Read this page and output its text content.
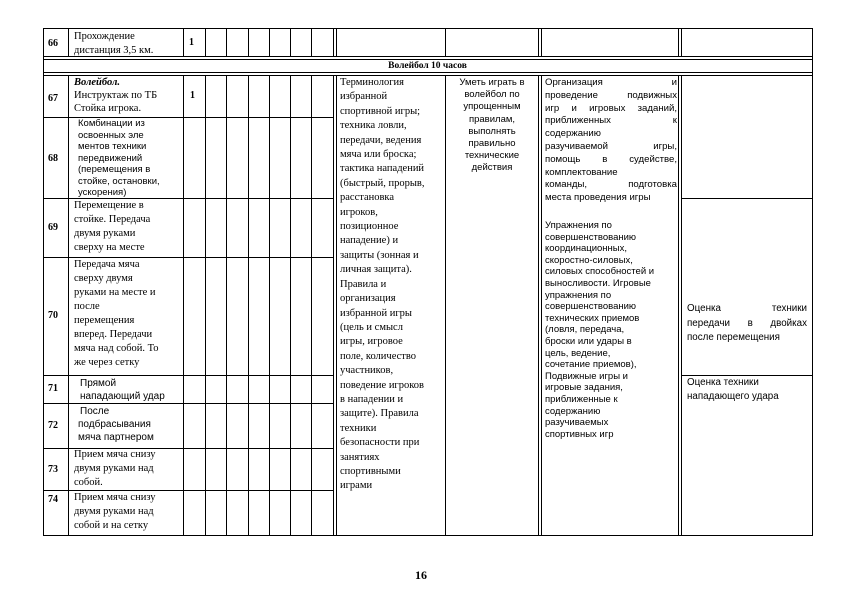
66
Прохождение дистанция 3,5 км.
1
Волейбол 10 часов
67
Волейбол.
Инструктаж по ТБ
Стойка игрока.
1
68
Комбинации из
освоенных эле
ментов техники
передвижений
(перемещения в
стойке, остановки,
ускорения)
69
Перемещение в
стойке. Передача
двумя руками
сверху на месте
70
Передача мяча
сверху двумя
руками на месте и
после
перемещения
вперед. Передачи
мяча над собой. То
же через сетку
71 Прямой
нападающий удар
72
После
подбрасывания
мяча партнером
73
Прием мяча снизу
двумя руками над
собой.
74 Прием мяча снизу
двумя руками над
собой и на сетку
Терминология
избранной
спортивной игры;
техника ловли,
передачи, ведения
мяча или броска;
тактика нападений
(быстрый, прорыв,
расстановка
игроков,
позиционное
нападение) и
защиты (зонная и
личная защита).
Правила и
организация
избранной игры
(цель и смысл
игры, игровое
поле, количество
участников,
поведение игроков
в нападении и
защите). Правила
техники
безопасности при
занятиях
спортивными
играми
Уметь играть в
волейбол по
упрощенным
правилам,
выполнять
правильно
технические
действия
Организация и
проведение подвижных
игр и игровых заданий,
приближенных к
содержанию
разучиваемой игры,
помощь в судействе,
комплектование
команды, подготовка
места проведения игры
Упражнения по
совершенствованию
координационных,
скоростно-силовых,
силовых способностей и
выносливости. Игровые
упражнения по
совершенствованию
технических приемов
(ловля, передача,
броски или удары в
цель, ведение,
сочетание приемов),
Подвижные игры и
игровые задания,
приближенные к
содержанию
разучиваемых
спортивных игр
Оценка техники
передачи в двойках
после перемещения
Оценка техники
нападающего удара
16
